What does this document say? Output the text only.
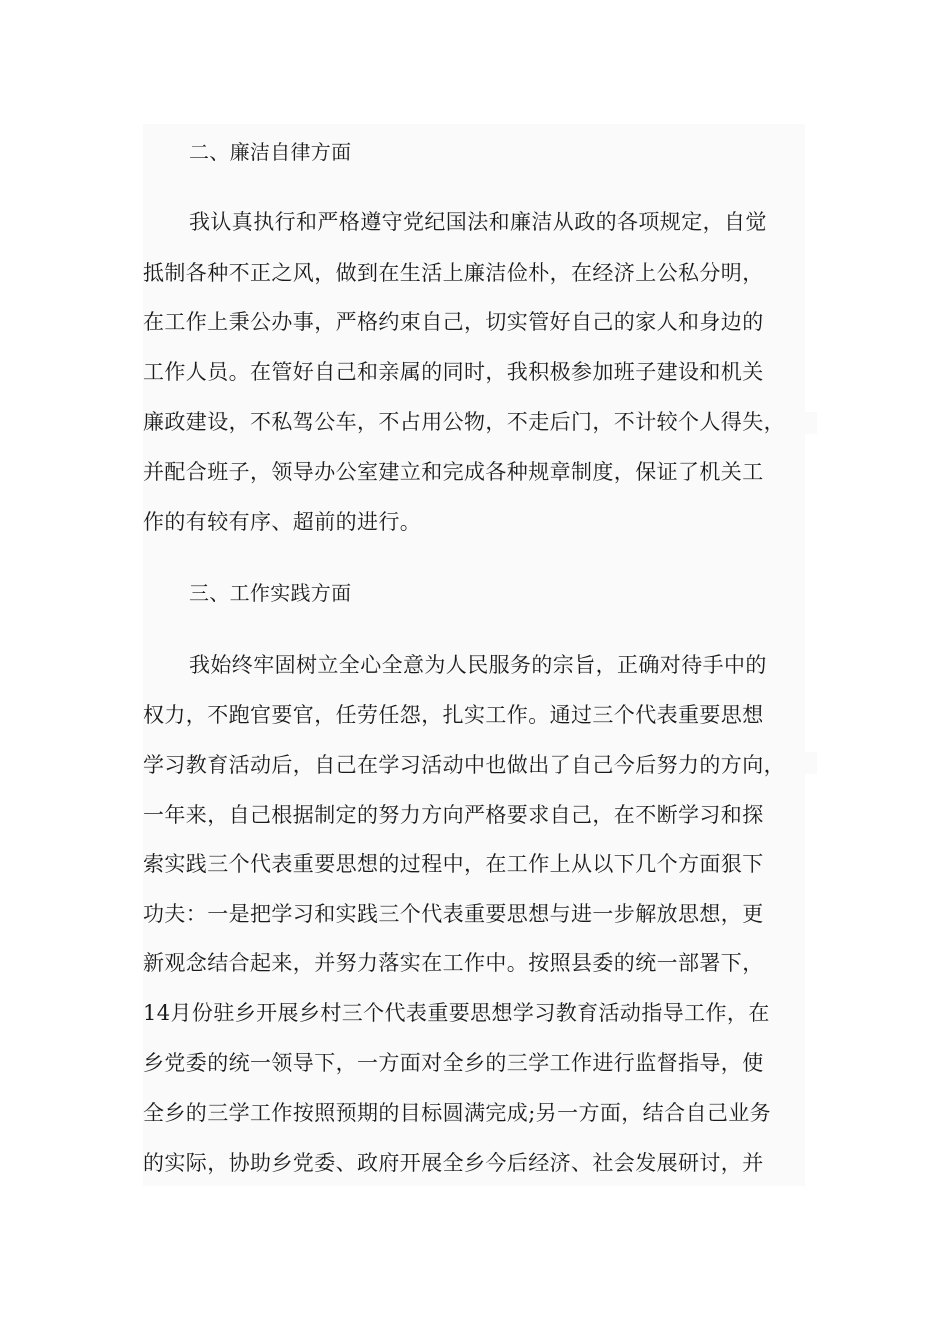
二、廉洁自律方面
我认真执行和严格遵守党纪国法和廉洁从政的各项规定，自觉
抵制各种不正之风，做到在生活上廉洁俭朴，在经济上公私分明，
在工作上秉公办事，严格约束自己，切实管好自己的家人和身边的
工作人员。在管好自己和亲属的同时，我积极参加班子建设和机关
廉政建设，不私驾公车，不占用公物，不走后门，不计较个人得失，
并配合班子，领导办公室建立和完成各种规章制度，保证了机关工
作的有较有序、超前的进行。
三、工作实践方面
我始终牢固树立全心全意为人民服务的宗旨，正确对待手中的
权力，不跑官要官，任劳任怨，扎实工作。通过三个代表重要思想
学习教育活动后，自己在学习活动中也做出了自己今后努力的方向，
一年来，自己根据制定的努力方向严格要求自己，在不断学习和探
索实践三个代表重要思想的过程中，在工作上从以下几个方面狠下
功夫：一是把学习和实践三个代表重要思想与进一步解放思想，更
新观念结合起来，并努力落实在工作中。按照县委的统一部署下，
14月份驻乡开展乡村三个代表重要思想学习教育活动指导工作，在
乡党委的统一领导下，一方面对全乡的三学工作进行监督指导，使
全乡的三学工作按照预期的目标圆满完成;另一方面，结合自己业务
的实际，协助乡党委、政府开展全乡今后经济、社会发展研讨，并
